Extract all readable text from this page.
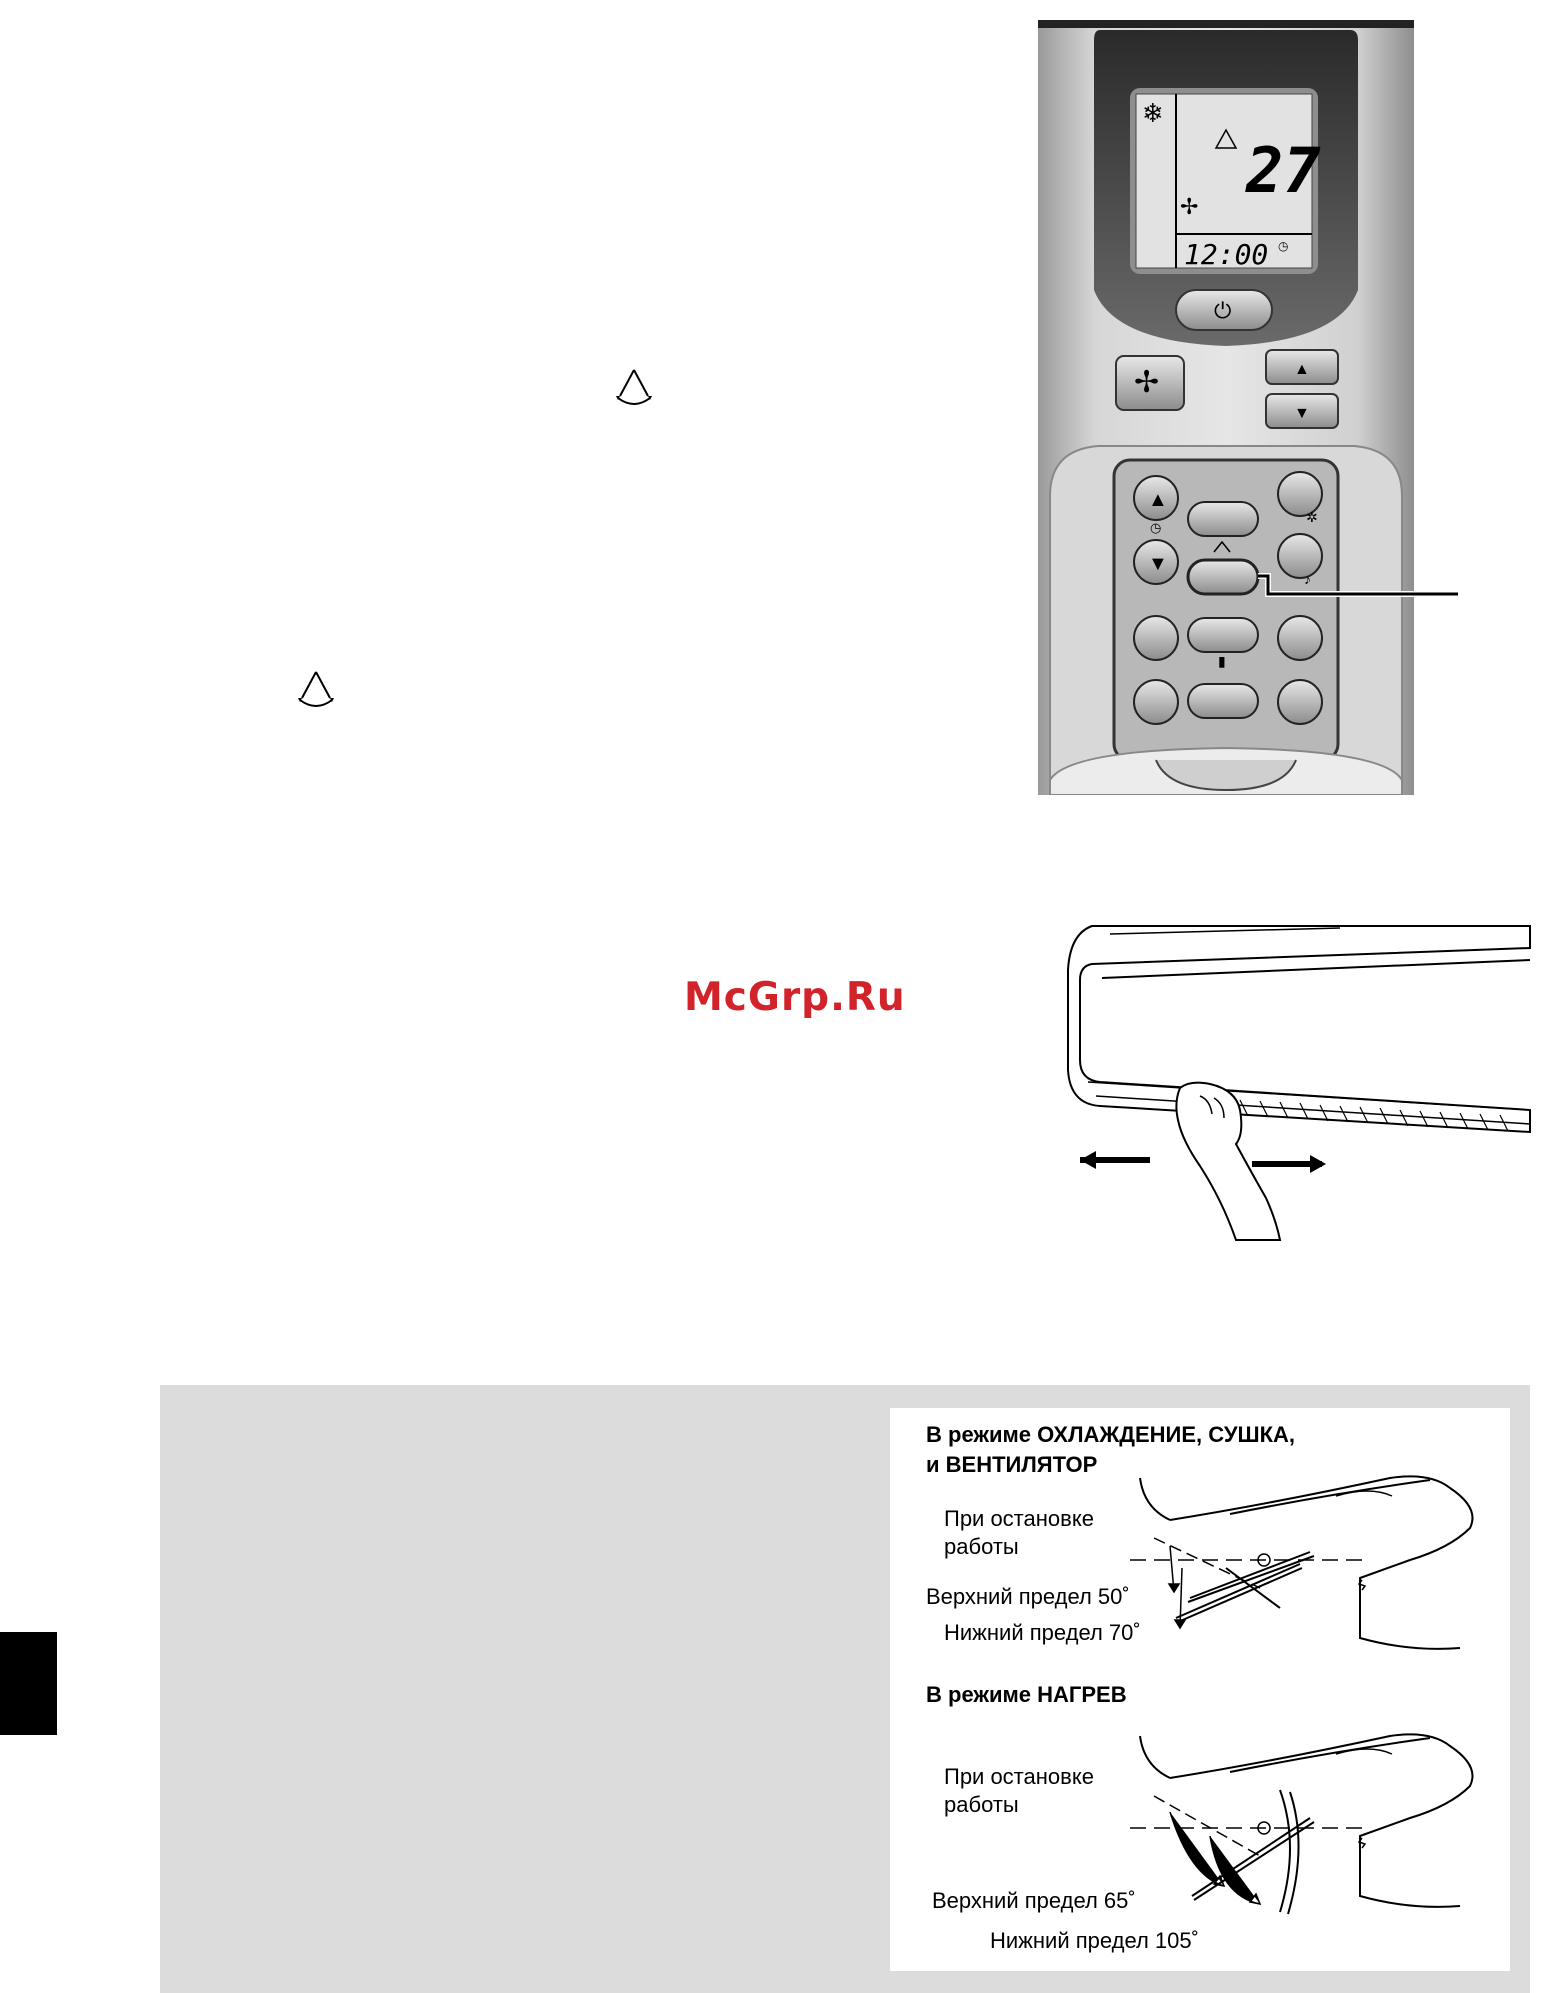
❄
✢
27
12:00 ◷
⏻
✢	▲
▼
▲
◷
▼
✲
♪
▮
McGrp.Ru
В режиме ОХЛАЖДЕНИЕ, СУШКА,
и ВЕНТИЛЯТОР
При остановке
работы
Верхний предел 50˚
Нижний предел 70˚
В режиме НАГРЕВ
При остановке
работы
Верхний предел 65˚
Нижний предел 105˚
